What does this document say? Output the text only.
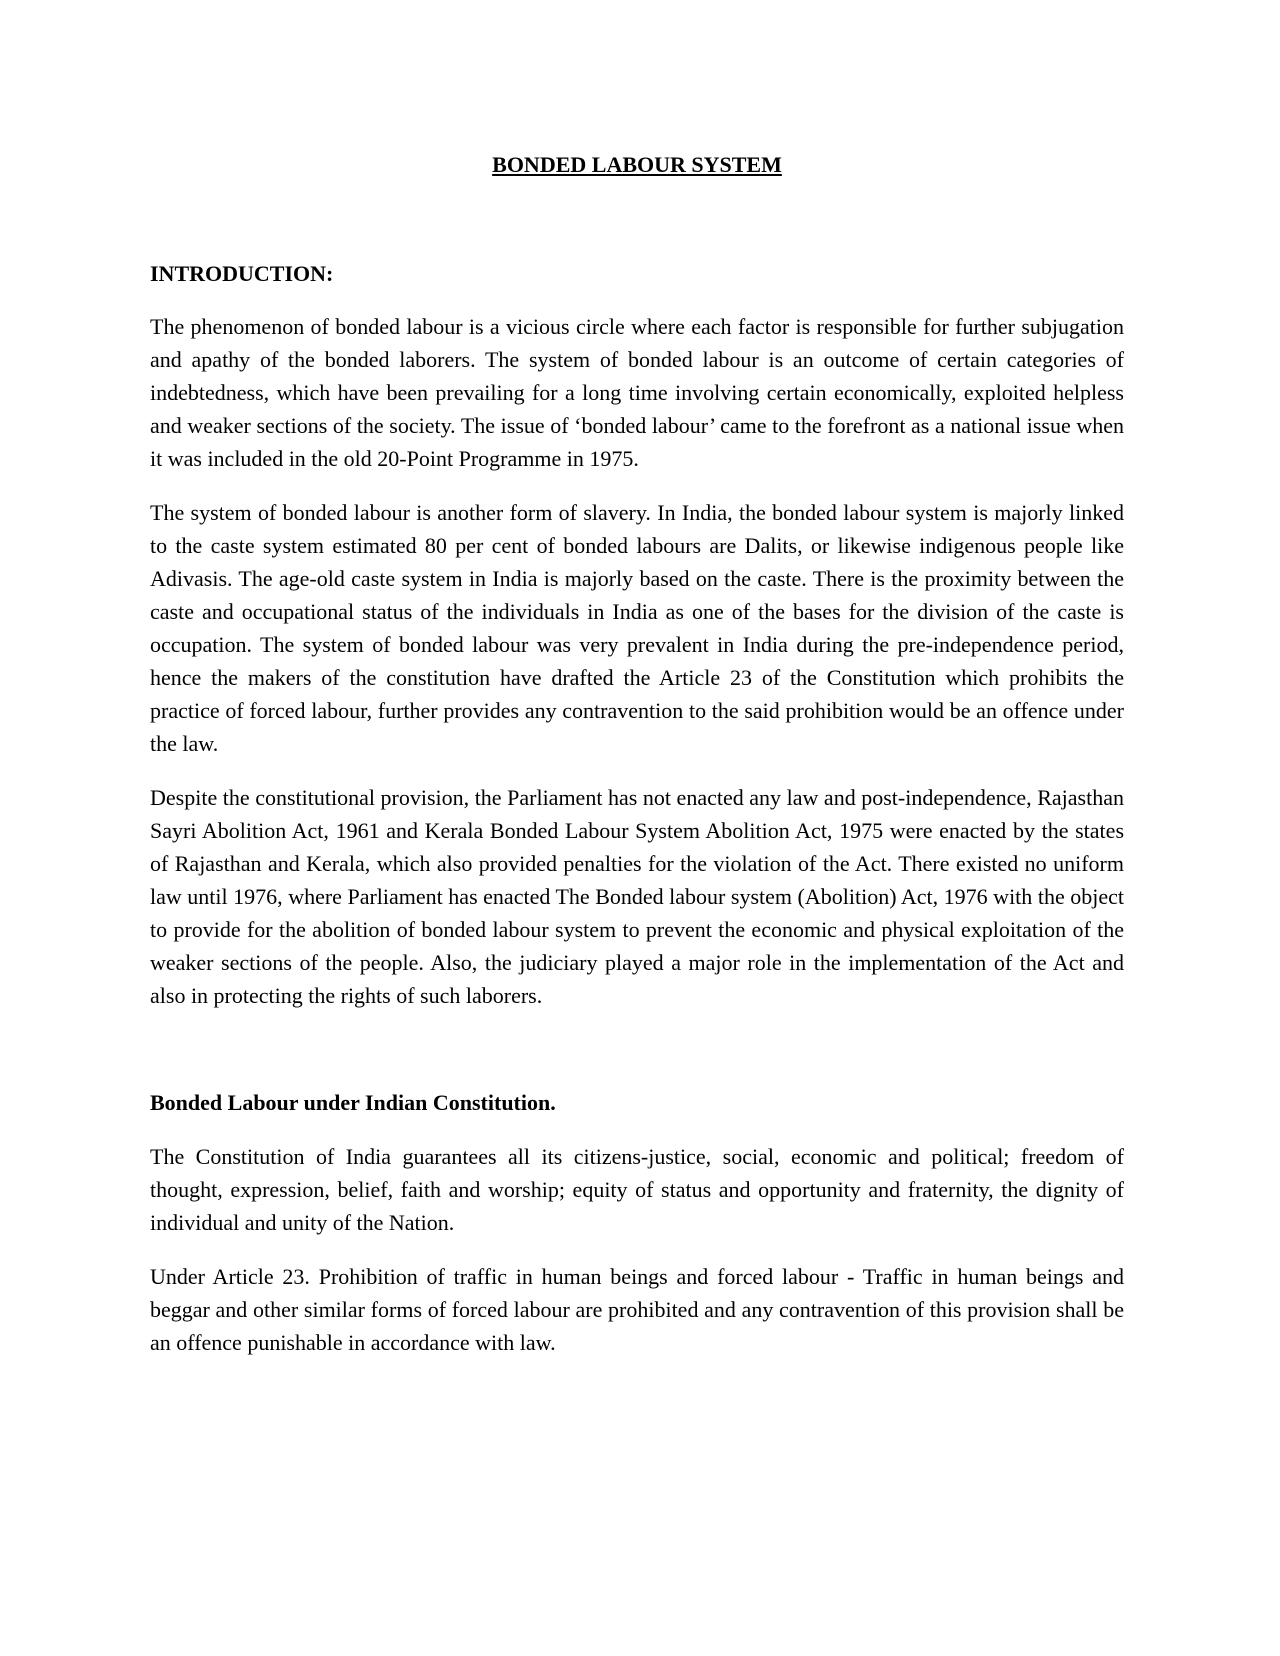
BONDED LABOUR SYSTEM
INTRODUCTION:

The phenomenon of bonded labour is a vicious circle where each factor is responsible for further subjugation and apathy of the bonded laborers. The system of bonded labour is an outcome of certain categories of indebtedness, which have been prevailing for a long time involving certain economically, exploited helpless and weaker sections of the society. The issue of ‘bonded labour’ came to the forefront as a national issue when it was included in the old 20-Point Programme in 1975.

The system of bonded labour is another form of slavery. In India, the bonded labour system is majorly linked to the caste system estimated 80 per cent of bonded labours are Dalits, or likewise indigenous people like Adivasis. The age-old caste system in India is majorly based on the caste. There is the proximity between the caste and occupational status of the individuals in India as one of the bases for the division of the caste is occupation. The system of bonded labour was very prevalent in India during the pre-independence period, hence the makers of the constitution have drafted the Article 23 of the Constitution which prohibits the practice of forced labour, further provides any contravention to the said prohibition would be an offence under the law.

Despite the constitutional provision, the Parliament has not enacted any law and post-independence, Rajasthan Sayri Abolition Act, 1961 and Kerala Bonded Labour System Abolition Act, 1975 were enacted by the states of Rajasthan and Kerala, which also provided penalties for the violation of the Act. There existed no uniform law until 1976, where Parliament has enacted The Bonded labour system (Abolition) Act, 1976 with the object to provide for the abolition of bonded labour system to prevent the economic and physical exploitation of the weaker sections of the people. Also, the judiciary played a major role in the implementation of the Act and also in protecting the rights of such laborers.

Bonded Labour under Indian Constitution.

The Constitution of India guarantees all its citizens-justice, social, economic and political; freedom of thought, expression, belief, faith and worship; equity of status and opportunity and fraternity, the dignity of individual and unity of the Nation.

Under Article 23. Prohibition of traffic in human beings and forced labour - Traffic in human beings and beggar and other similar forms of forced labour are prohibited and any contravention of this provision shall be an offence punishable in accordance with law.
